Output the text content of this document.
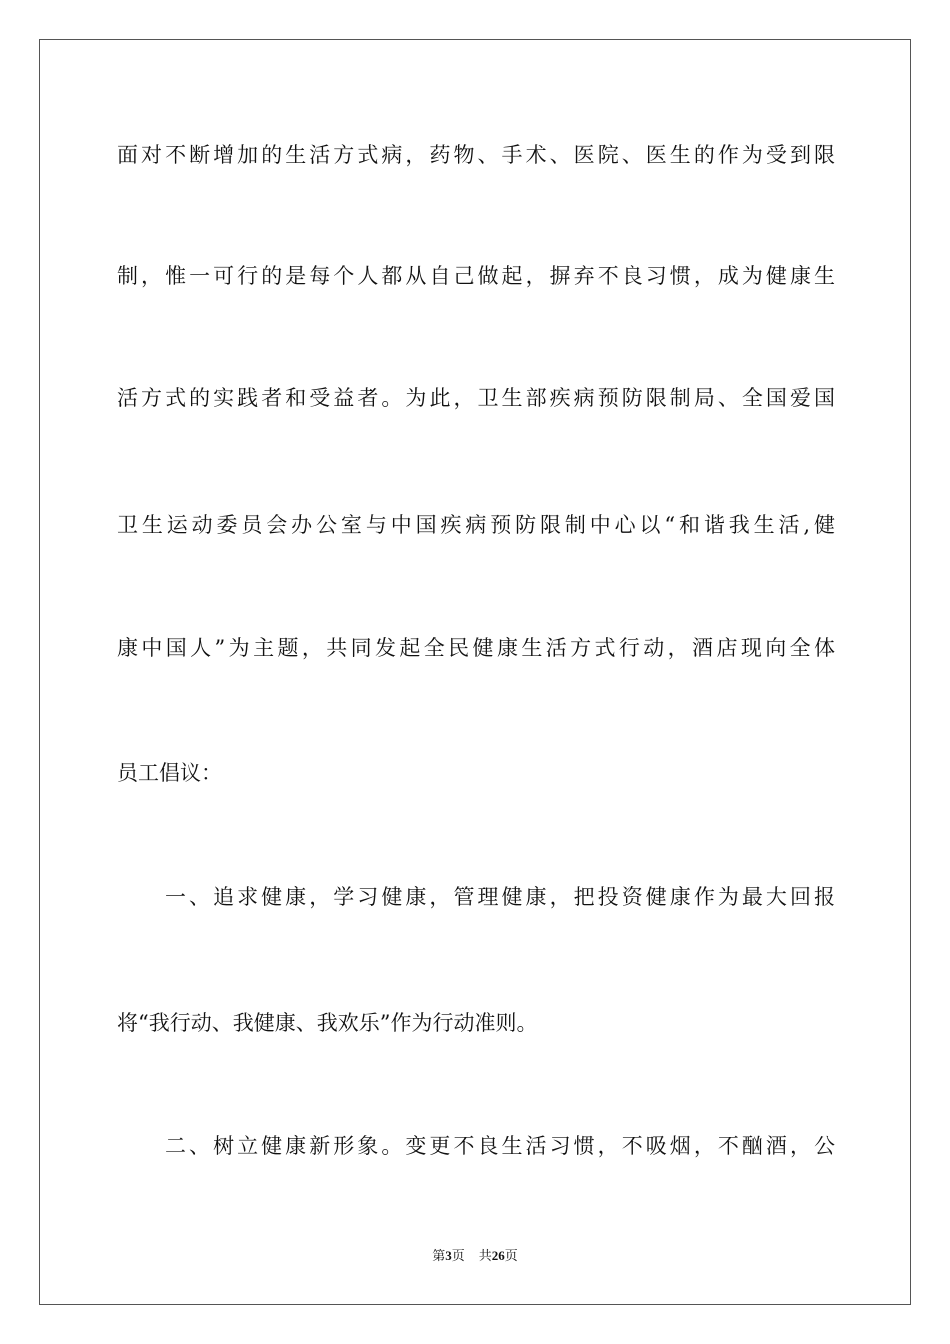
面对不断增加的生活方式病，药物、手术、医院、医生的作为受到限
制，惟一可行的是每个人都从自己做起，摒弃不良习惯，成为健康生
活方式的实践者和受益者。为此，卫生部疾病预防限制局、全国爱国
卫生运动委员会办公室与中国疾病预防限制中心以“和谐我生活,健
康中国人”为主题，共同发起全民健康生活方式行动，酒店现向全体
员工倡议：
一、追求健康，学习健康，管理健康，把投资健康作为最大回报
将“我行动、我健康、我欢乐”作为行动准则。
二、树立健康新形象。变更不良生活习惯，不吸烟，不酗酒，公
第3页 共26页
